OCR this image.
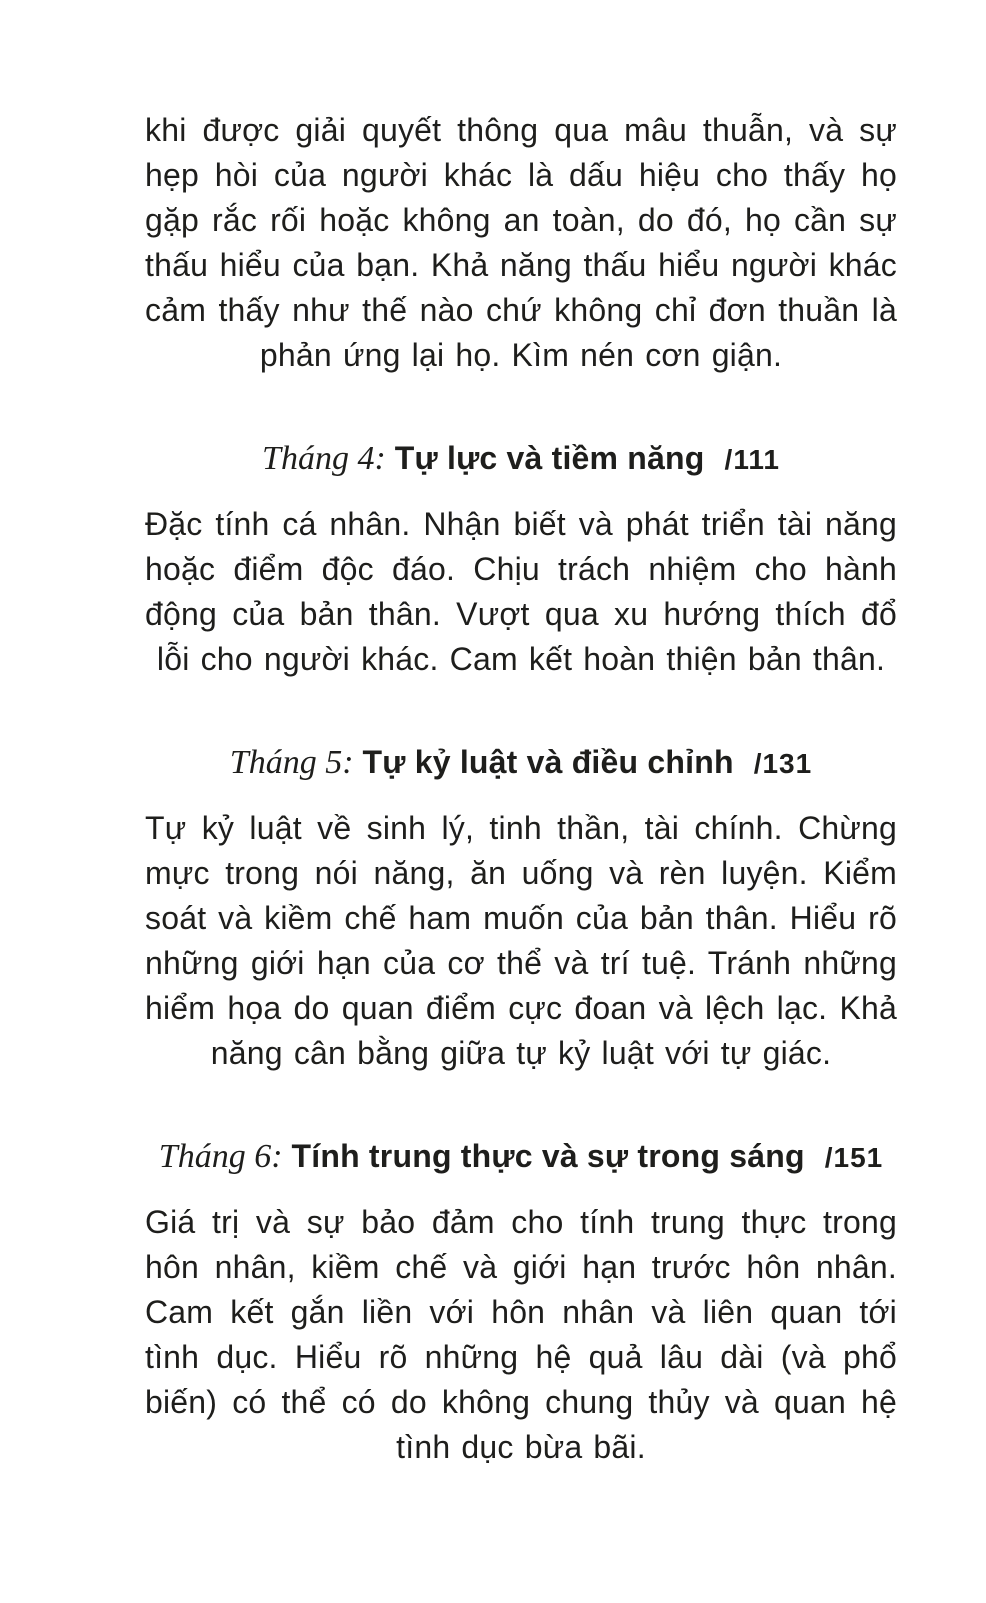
khi được giải quyết thông qua mâu thuẫn, và sự hẹp hòi của người khác là dấu hiệu cho thấy họ gặp rắc rối hoặc không an toàn, do đó, họ cần sự thấu hiểu của bạn. Khả năng thấu hiểu người khác cảm thấy như thế nào chứ không chỉ đơn thuần là phản ứng lại họ. Kìm nén cơn giận.

Tháng 4: Tự lực và tiềm năng /111

Đặc tính cá nhân. Nhận biết và phát triển tài năng hoặc điểm độc đáo. Chịu trách nhiệm cho hành động của bản thân. Vượt qua xu hướng thích đổ lỗi cho người khác. Cam kết hoàn thiện bản thân.

Tháng 5: Tự kỷ luật và điều chỉnh /131

Tự kỷ luật về sinh lý, tinh thần, tài chính. Chừng mực trong nói năng, ăn uống và rèn luyện. Kiểm soát và kiềm chế ham muốn của bản thân. Hiểu rõ những giới hạn của cơ thể và trí tuệ. Tránh những hiểm họa do quan điểm cực đoan và lệch lạc. Khả năng cân bằng giữa tự kỷ luật với tự giác.

Tháng 6: Tính trung thực và sự trong sáng /151

Giá trị và sự bảo đảm cho tính trung thực trong hôn nhân, kiềm chế và giới hạn trước hôn nhân. Cam kết gắn liền với hôn nhân và liên quan tới tình dục. Hiểu rõ những hệ quả lâu dài (và phổ biến) có thể có do không chung thủy và quan hệ tình dục bừa bãi.
